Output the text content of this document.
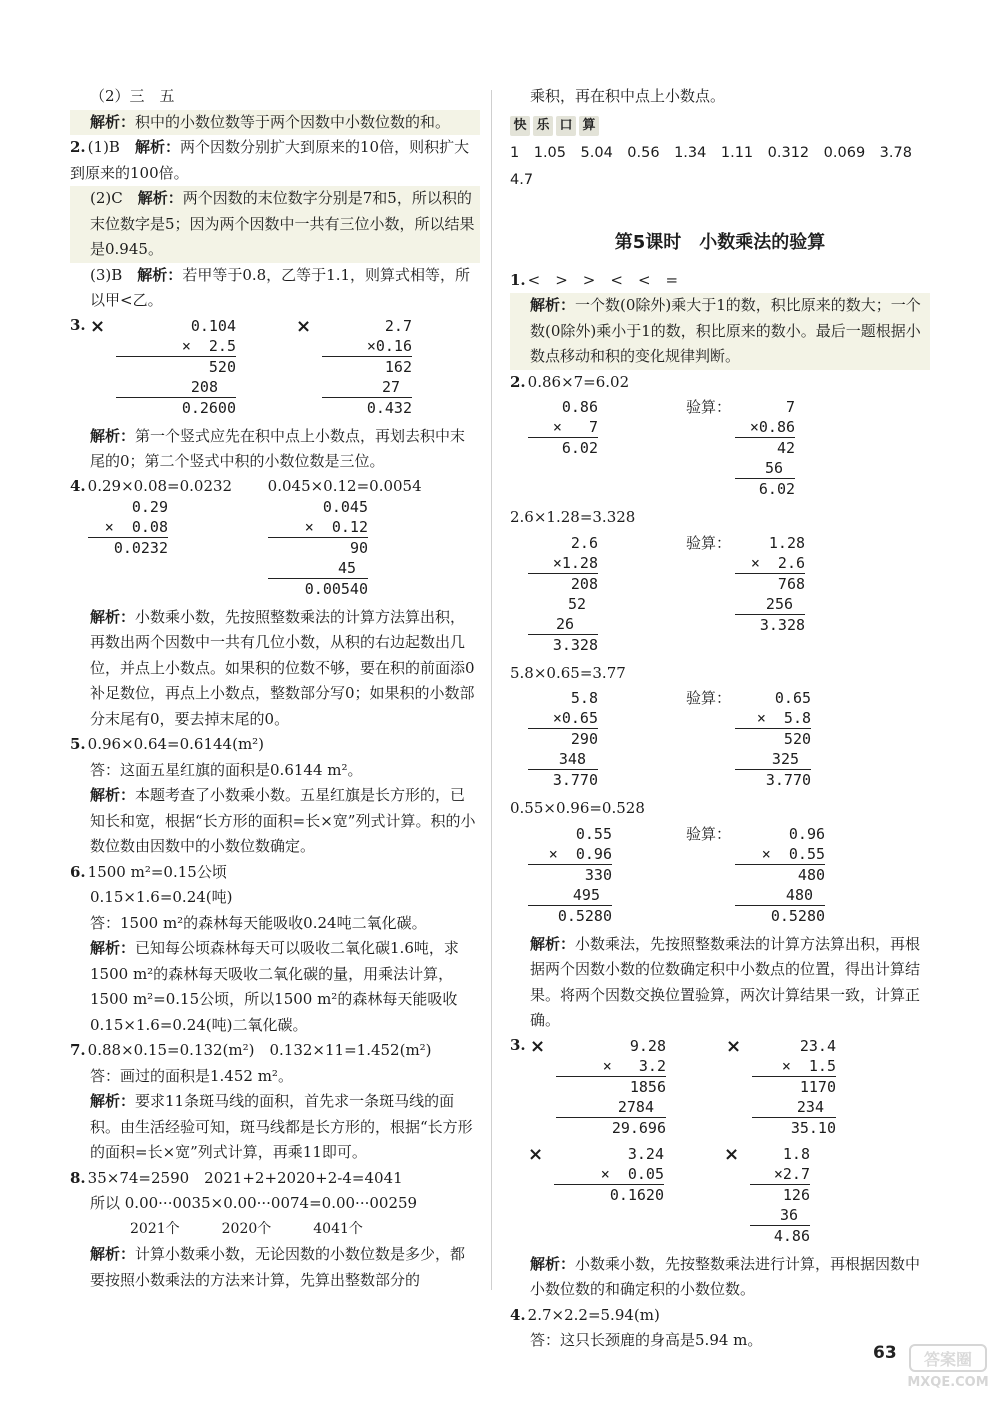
（2）三　五

解析：积中的小数位数等于两个因数中小数位数的和。

2. (1)B　 解析：两个因数分别扩大到原来的10倍，则积扩大到原来的100倍。

(2)C　 解析：两个因数的末位数字分别是7和5，所以积的末位数字是5；因为两个因数中一共有三位小数，所以结果是0.945。

(3)B　 解析：若甲等于0.8，乙等于1.1，则算式相等，所以甲<乙。

3. ×	0.104
×  2.5
520
208
0.2600
×	2.7
×0.16
162
27
0.432

解析：第一个竖式应先在积中点上小数点，再划去积中末尾的0；第二个竖式中积的小数位数是三位。

4. 0.29×0.08=0.0232	0.045×0.12=0.0054
0.29
×  0.08
0.0232
0.045
×  0.12
90
45
0.00540

解析：小数乘小数，先按照整数乘法的计算方法算出积，再数出两个因数中一共有几位小数，从积的右边起数出几位，并点上小数点。如果积的位数不够，要在积的前面添0补足数位，再点上小数点，整数部分写0；如果积的小数部分末尾有0，要去掉末尾的0。

5. 0.96×0.64=0.6144(m²)

答：这面五星红旗的面积是0.6144 m²。

解析：本题考查了小数乘小数。五星红旗是长方形的，已知长和宽，根据“长方形的面积=长×宽”列式计算。积的小数位数由因数中的小数位数确定。

6. 1500 m²=0.15公顷

0.15×1.6=0.24(吨)

答：1500 m²的森林每天能吸收0.24吨二氧化碳。

解析：已知每公顷森林每天可以吸收二氧化碳1.6吨，求1500 m²的森林每天吸收二氧化碳的量，用乘法计算，1500 m²=0.15公顷，所以1500 m²的森林每天能吸收0.15×1.6=0.24(吨)二氧化碳。

7. 0.88×0.15=0.132(m²)　0.132×11=1.452(m²)

答：画过的面积是1.452 m²。

解析：要求11条斑马线的面积，首先求一条斑马线的面积。由生活经验可知，斑马线都是长方形的，根据“长方形的面积=长×宽”列式计算，再乘11即可。

8. 35×74=2590　2021+2+2020+2-4=4041

所以 0.00···0035×0.00···0074=0.00···00259

2021个　　　2020个　　　4041个

解析：计算小数乘小数，无论因数的小数位数是多少，都要按照小数乘法的方法来计算，先算出整数部分的

乘积，再在积中点上小数点。

快 乐 口 算

1　1.05　5.04　0.56　1.34　1.11　0.312　0.069　3.78　4.7

第5课时　小数乘法的验算

1. <　>　>　<　<　=

解析：一个数(0除外)乘大于1的数，积比原来的数大；一个数(0除外)乘小于1的数，积比原来的数小。最后一题根据小数点移动和积的变化规律判断。

2. 0.86×7=6.02

0.86
×   7
6.02
验算：	7
×0.86
42
56
6.02

2.6×1.28=3.328

2.6
×1.28
208
52
26
3.328
验算：	1.28
×  2.6
768
256
3.328

5.8×0.65=3.77

5.8
×0.65
290
348
3.770
验算：	0.65
×  5.8
520
325
3.770

0.55×0.96=0.528

0.55
×  0.96
330
495
0.5280
验算：	0.96
×  0.55
480
480
0.5280

解析：小数乘法，先按照整数乘法的计算方法算出积，再根据两个因数小数的位数确定积中小数点的位置，得出计算结果。将两个因数交换位置验算，两次计算结果一致，计算正确。

3. ×	9.28
×   3.2
1856
2784
29.696
×	23.4
×  1.5
1170
234
35.10
×	3.24
×  0.05
0.1620
×	1.8
×2.7
126
36
4.86

解析：小数乘小数，先按整数乘法进行计算，再根据因数中小数位数的和确定积的小数位数。

4. 2.7×2.2=5.94(m)

答：这只长颈鹿的身高是5.94 m。

63 答案圈
MXQE.COM
